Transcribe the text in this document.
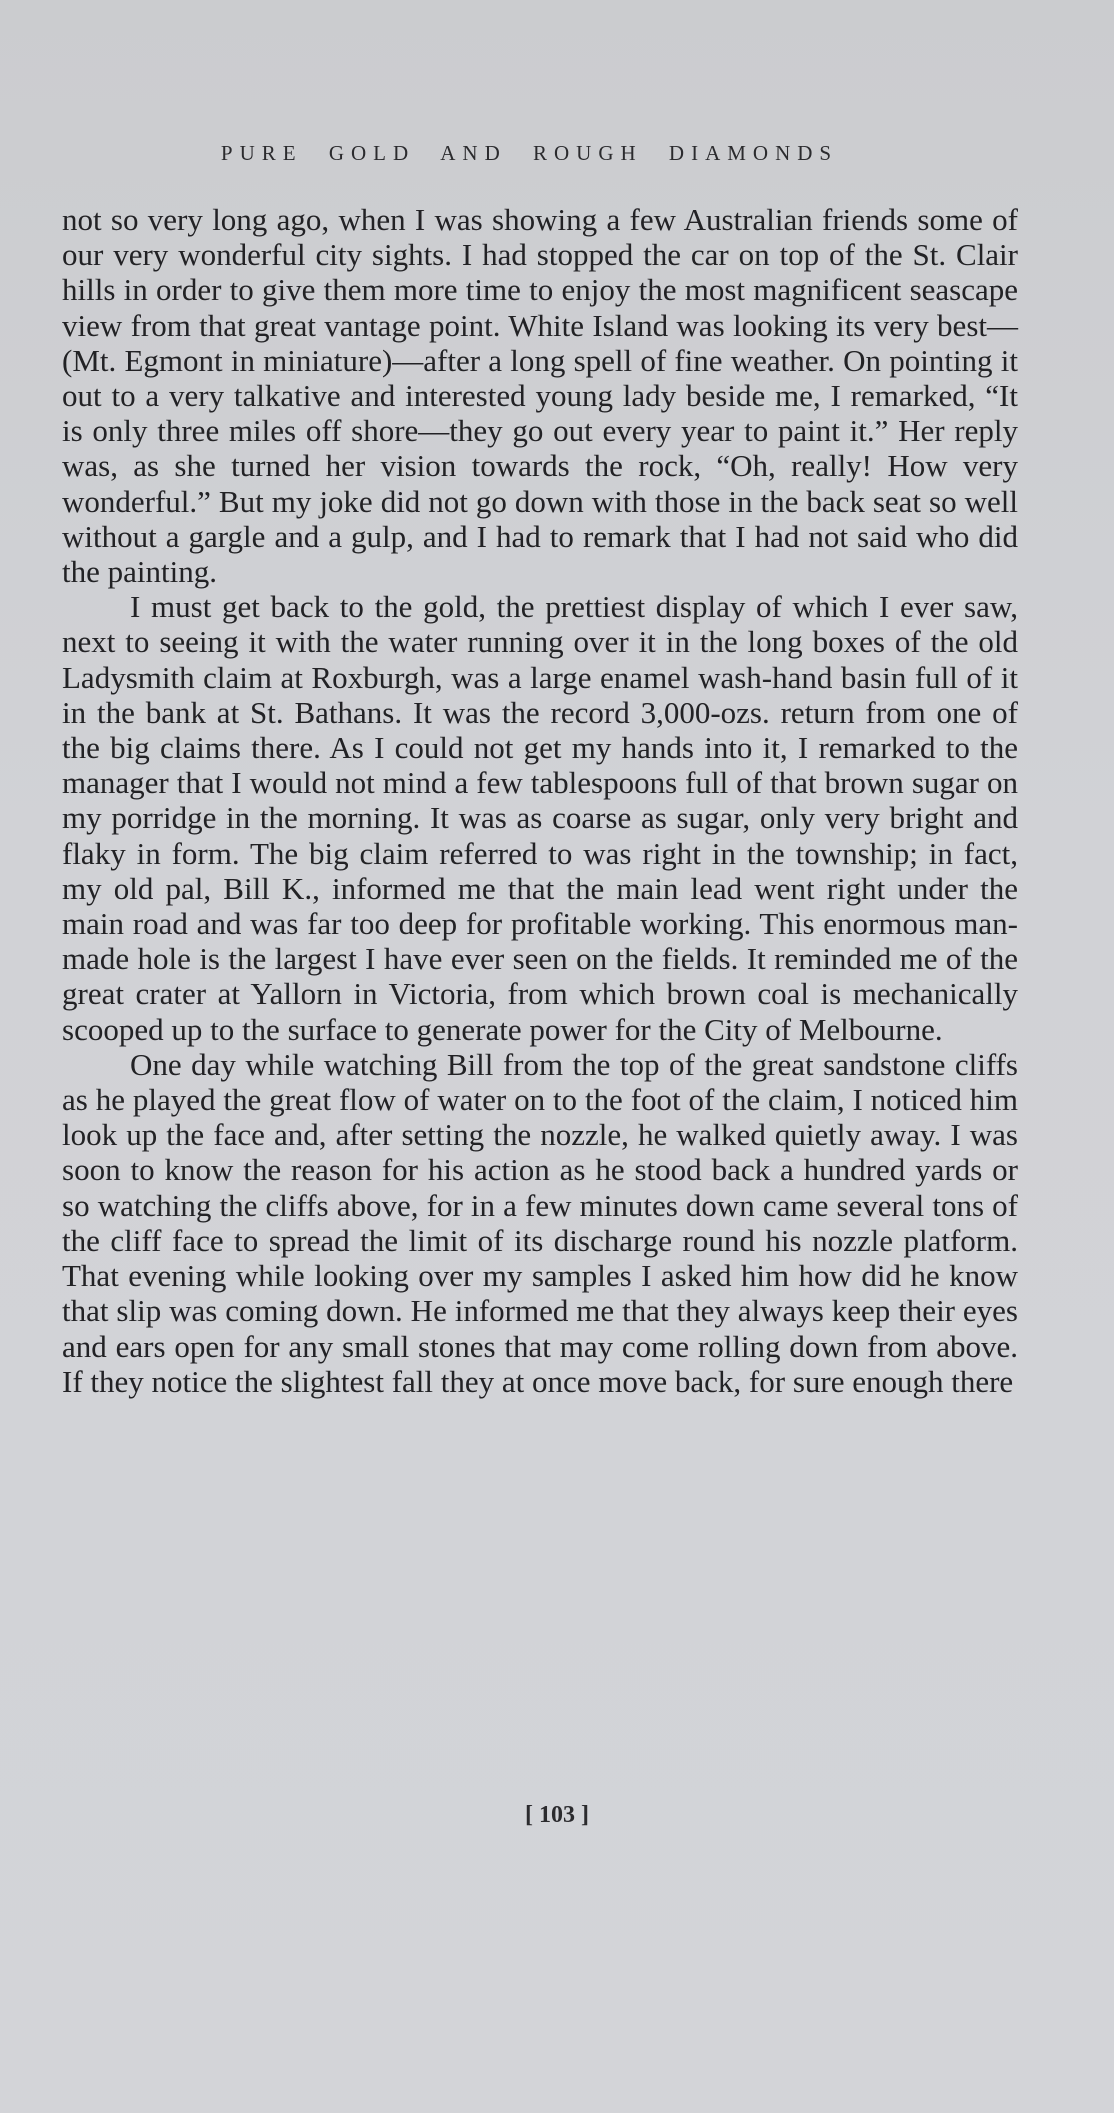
PURE GOLD AND ROUGH DIAMONDS

not so very long ago, when I was showing a few Australian friends some of our very wonderful city sights. I had stopped the car on top of the St. Clair hills in order to give them more time to enjoy the most magnificent seascape view from that great vantage point. White Island was looking its very best—(Mt. Egmont in miniature)—after a long spell of fine weather. On pointing it out to a very talkative and interested young lady beside me, I remarked, “It is only three miles off shore—they go out every year to paint it.” Her reply was, as she turned her vision towards the rock, “Oh, really! How very wonderful.” But my joke did not go down with those in the back seat so well without a gargle and a gulp, and I had to remark that I had not said who did the painting.

I must get back to the gold, the prettiest display of which I ever saw, next to seeing it with the water running over it in the long boxes of the old Ladysmith claim at Roxburgh, was a large enamel wash-hand basin full of it in the bank at St. Bathans. It was the record 3,000-ozs. return from one of the big claims there. As I could not get my hands into it, I remarked to the manager that I would not mind a few tablespoons full of that brown sugar on my porridge in the morning. It was as coarse as sugar, only very bright and flaky in form. The big claim referred to was right in the township; in fact, my old pal, Bill K., informed me that the main lead went right under the main road and was far too deep for profitable working. This enormous man-made hole is the largest I have ever seen on the fields. It reminded me of the great crater at Yallorn in Victoria, from which brown coal is mechanically scooped up to the surface to generate power for the City of Melbourne.

One day while watching Bill from the top of the great sandstone cliffs as he played the great flow of water on to the foot of the claim, I noticed him look up the face and, after setting the nozzle, he walked quietly away. I was soon to know the reason for his action as he stood back a hundred yards or so watching the cliffs above, for in a few minutes down came several tons of the cliff face to spread the limit of its discharge round his nozzle platform. That evening while looking over my samples I asked him how did he know that slip was coming down. He informed me that they always keep their eyes and ears open for any small stones that may come rolling down from above. If they notice the slightest fall they at once move back, for sure enough there

[ 103 ]
